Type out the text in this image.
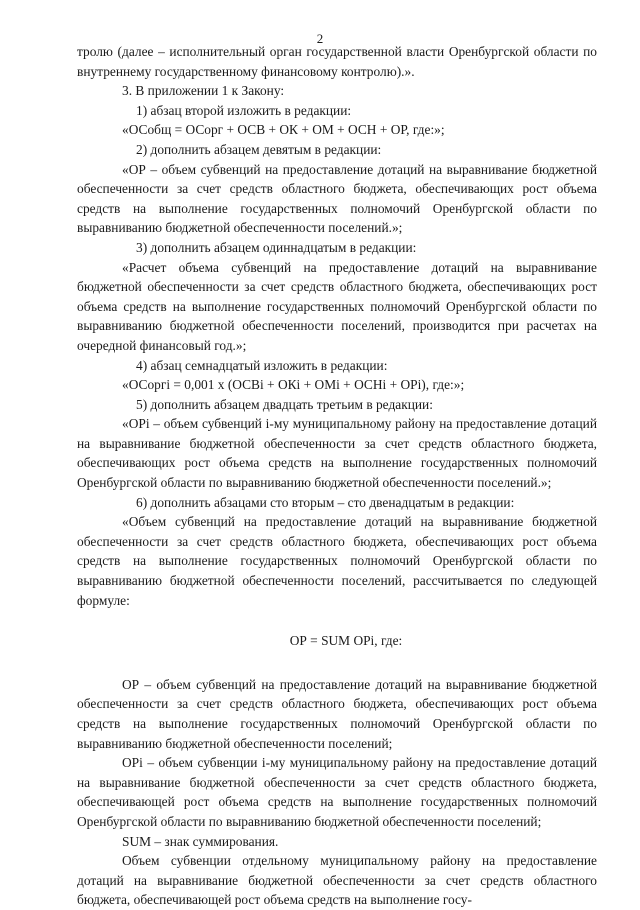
2

тролю (далее – исполнительный орган государственной власти Оренбургской области по внутреннему государственному финансовому контролю).».

3. В приложении 1 к Закону:

1) абзац второй изложить в редакции:

«ОСобщ = ОСорг + ОСВ + ОК + ОМ + ОСН + ОР, где:»;

2) дополнить абзацем девятым в редакции:

«ОР – объем субвенций на предоставление дотаций на выравнивание бюджетной обеспеченности за счет средств областного бюджета, обеспечивающих рост объема средств на выполнение государственных полномочий Оренбургской области по выравниванию бюджетной обеспеченности поселений.»;

3) дополнить абзацем одиннадцатым в редакции:

«Расчет объема субвенций на предоставление дотаций на выравнивание бюджетной обеспеченности за счет средств областного бюджета, обеспечивающих рост объема средств на выполнение государственных полномочий Оренбургской области по выравниванию бюджетной обеспеченности поселений, производится при расчетах на очередной финансовый год.»;

4) абзац семнадцатый изложить в редакции:

«ОСоргi = 0,001 х (ОСВi + ОКi + ОМi + ОСНi + ОРi), где:»;

5) дополнить абзацем двадцать третьим в редакции:

«ОРi – объем субвенций i-му муниципальному району на предоставление дотаций на выравнивание бюджетной обеспеченности за счет средств областного бюджета, обеспечивающих рост объема средств на выполнение государственных полномочий Оренбургской области по выравниванию бюджетной обеспеченности поселений.»;

6) дополнить абзацами сто вторым – сто двенадцатым в редакции:

«Объем субвенций на предоставление дотаций на выравнивание бюджетной обеспеченности за счет средств областного бюджета, обеспечивающих рост объема средств на выполнение государственных полномочий Оренбургской области по выравниванию бюджетной обеспеченности поселений, рассчитывается по следующей формуле:

ОР = SUM ОРi, где:

ОР – объем субвенций на предоставление дотаций на выравнивание бюджетной обеспеченности за счет средств областного бюджета, обеспечивающих рост объема средств на выполнение государственных полномочий Оренбургской области по выравниванию бюджетной обеспеченности поселений;

ОРi – объем субвенции i-му муниципальному району на предоставление дотаций на выравнивание бюджетной обеспеченности за счет средств областного бюджета, обеспечивающей рост объема средств на выполнение государственных полномочий Оренбургской области по выравниванию бюджетной обеспеченности поселений;

SUM – знак суммирования.

Объем субвенции отдельному муниципальному району на предоставление дотаций на выравнивание бюджетной обеспеченности за счет средств областного бюджета, обеспечивающей рост объема средств на выполнение госу-
